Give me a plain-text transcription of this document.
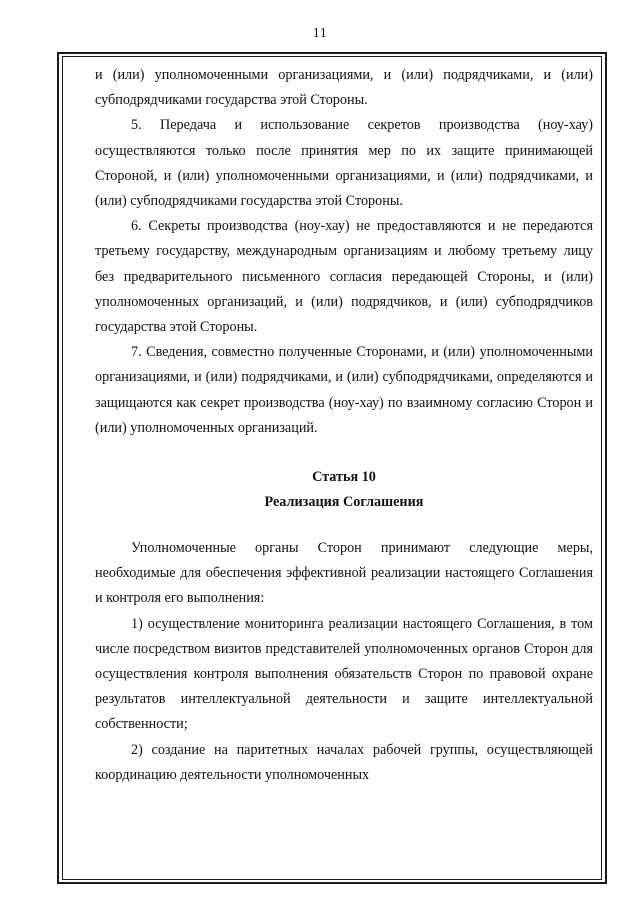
11

и (или) уполномоченными организациями, и (или) подрядчиками, и (или) субподрядчиками государства этой Стороны.

5. Передача и использование секретов производства (ноу-хау) осуществляются только после принятия мер по их защите принимающей Стороной, и (или) уполномоченными организациями, и (или) подрядчиками, и (или) субподрядчиками государства этой Стороны.

6. Секреты производства (ноу-хау) не предоставляются и не передаются третьему государству, международным организациям и любому третьему лицу без предварительного письменного согласия передающей Стороны, и (или) уполномоченных организаций, и (или) подрядчиков, и (или) субподрядчиков государства этой Стороны.

7. Сведения, совместно полученные Сторонами, и (или) уполномоченными организациями, и (или) подрядчиками, и (или) субподрядчиками, определяются и защищаются как секрет производства (ноу-хау) по взаимному согласию Сторон и (или) уполномоченных организаций.

Статья 10

Реализация Соглашения

Уполномоченные органы Сторон принимают следующие меры, необходимые для обеспечения эффективной реализации настоящего Соглашения и контроля его выполнения:

1) осуществление мониторинга реализации настоящего Соглашения, в том числе посредством визитов представителей уполномоченных органов Сторон для осуществления контроля выполнения обязательств Сторон по правовой охране результатов интеллектуальной деятельности и защите интеллектуальной собственности;

2) создание на паритетных началах рабочей группы, осуществляющей координацию деятельности уполномоченных
